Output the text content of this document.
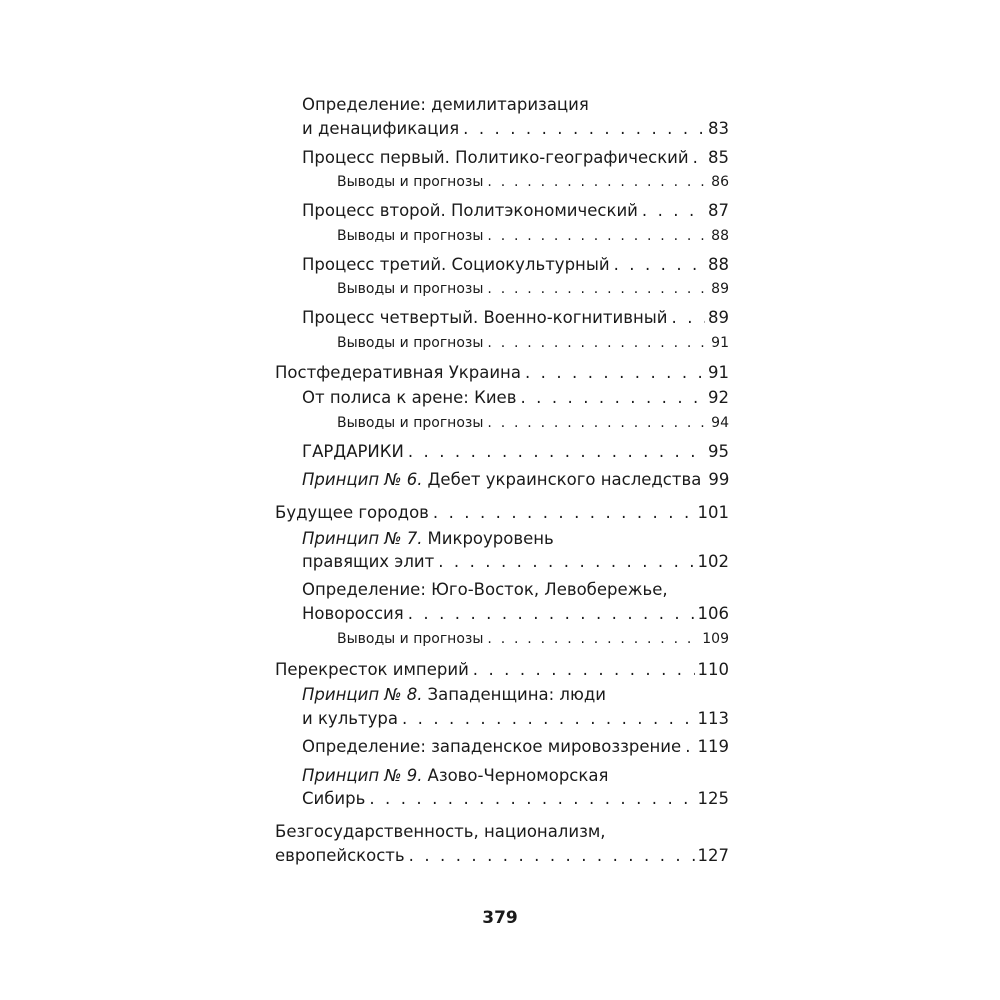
Определение: демилитаризация
и денацификация . . .	83
Процесс первый. Политико-географический . . . 85
Выводы и прогнозы . . .	86
Процесс второй. Политэкономический . . .	87
Выводы и прогнозы . . .	88
Процесс третий. Социокультурный . . .	88
Выводы и прогнозы . . .	89
Процесс четвертый. Военно-когнитивный . . . 89
Выводы и прогнозы . . .	91
Постфедеративная Украина . . .	91
От полиса к арене: Киев . . .	92
Выводы и прогнозы . . .	94
ГАРДАРИКИ . . .	95
Принцип № 6. Дебет украинского наследства 99
Будущее городов . . .	101
Принцип № 7. Микроуровень
правящих элит . . .	102
Определение: Юго-Восток, Левобережье,
Новороссия . . .	106
Выводы и прогнозы . . .	109
Перекресток империй . . .	110
Принцип № 8. Западенщина: люди
и культура . . .	113
Определение: западенское мировоззрение . . . 119
Принцип № 9. Азово-Черноморская
Сибирь . . .	125
Безгосударственность, национализм,
европейскость . . .	127
379
